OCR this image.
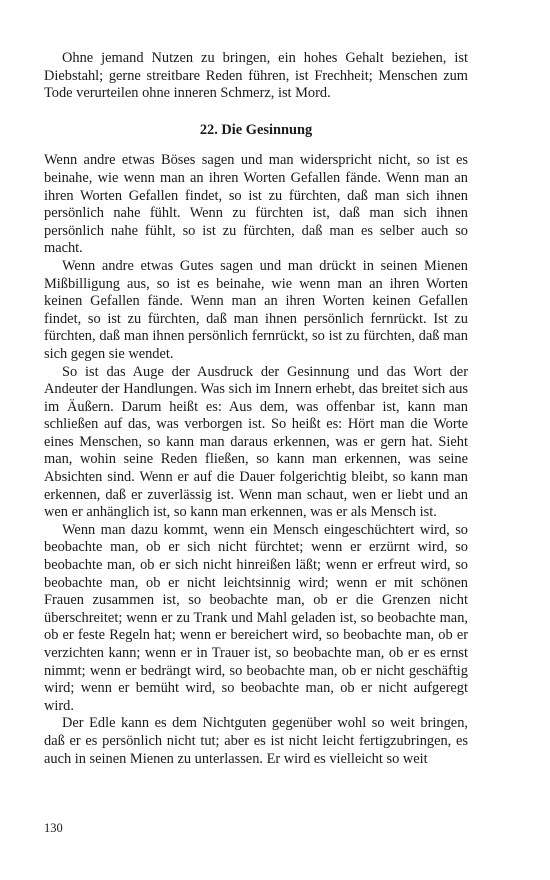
Ohne jemand Nutzen zu bringen, ein hohes Gehalt beziehen, ist Diebstahl; gerne streitbare Reden führen, ist Frechheit; Menschen zum Tode verurteilen ohne inneren Schmerz, ist Mord.

22. Die Gesinnung

Wenn andre etwas Böses sagen und man widerspricht nicht, so ist es beinahe, wie wenn man an ihren Worten Gefallen fände. Wenn man an ihren Worten Gefallen findet, so ist zu fürchten, daß man sich ihnen persönlich nahe fühlt. Wenn zu fürchten ist, daß man sich ihnen persönlich nahe fühlt, so ist zu fürchten, daß man es selber auch so macht.

Wenn andre etwas Gutes sagen und man drückt in seinen Mienen Mißbilligung aus, so ist es beinahe, wie wenn man an ihren Worten keinen Gefallen fände. Wenn man an ihren Worten keinen Gefallen findet, so ist zu fürchten, daß man ihnen persönlich fernrückt. Ist zu fürchten, daß man ihnen persönlich fernrückt, so ist zu fürchten, daß man sich gegen sie wendet.

So ist das Auge der Ausdruck der Gesinnung und das Wort der Andeuter der Handlungen. Was sich im Innern erhebt, das breitet sich aus im Äußern. Darum heißt es: Aus dem, was offenbar ist, kann man schließen auf das, was verborgen ist. So heißt es: Hört man die Worte eines Menschen, so kann man daraus erkennen, was er gern hat. Sieht man, wohin seine Reden fließen, so kann man erkennen, was seine Absichten sind. Wenn er auf die Dauer folgerichtig bleibt, so kann man erkennen, daß er zuverlässig ist. Wenn man schaut, wen er liebt und an wen er anhänglich ist, so kann man erkennen, was er als Mensch ist.

Wenn man dazu kommt, wenn ein Mensch eingeschüchtert wird, so beobachte man, ob er sich nicht fürchtet; wenn er erzürnt wird, so beobachte man, ob er sich nicht hinreißen läßt; wenn er erfreut wird, so beobachte man, ob er nicht leichtsinnig wird; wenn er mit schönen Frauen zusammen ist, so beobachte man, ob er die Grenzen nicht überschreitet; wenn er zu Trank und Mahl geladen ist, so beobachte man, ob er feste Regeln hat; wenn er bereichert wird, so beobachte man, ob er verzichten kann; wenn er in Trauer ist, so beobachte man, ob er es ernst nimmt; wenn er bedrängt wird, so beobachte man, ob er nicht geschäftig wird; wenn er bemüht wird, so beobachte man, ob er nicht aufgeregt wird.

Der Edle kann es dem Nichtguten gegenüber wohl so weit bringen, daß er es persönlich nicht tut; aber es ist nicht leicht fertigzubringen, es auch in seinen Mienen zu unterlassen. Er wird es vielleicht so weit

130
